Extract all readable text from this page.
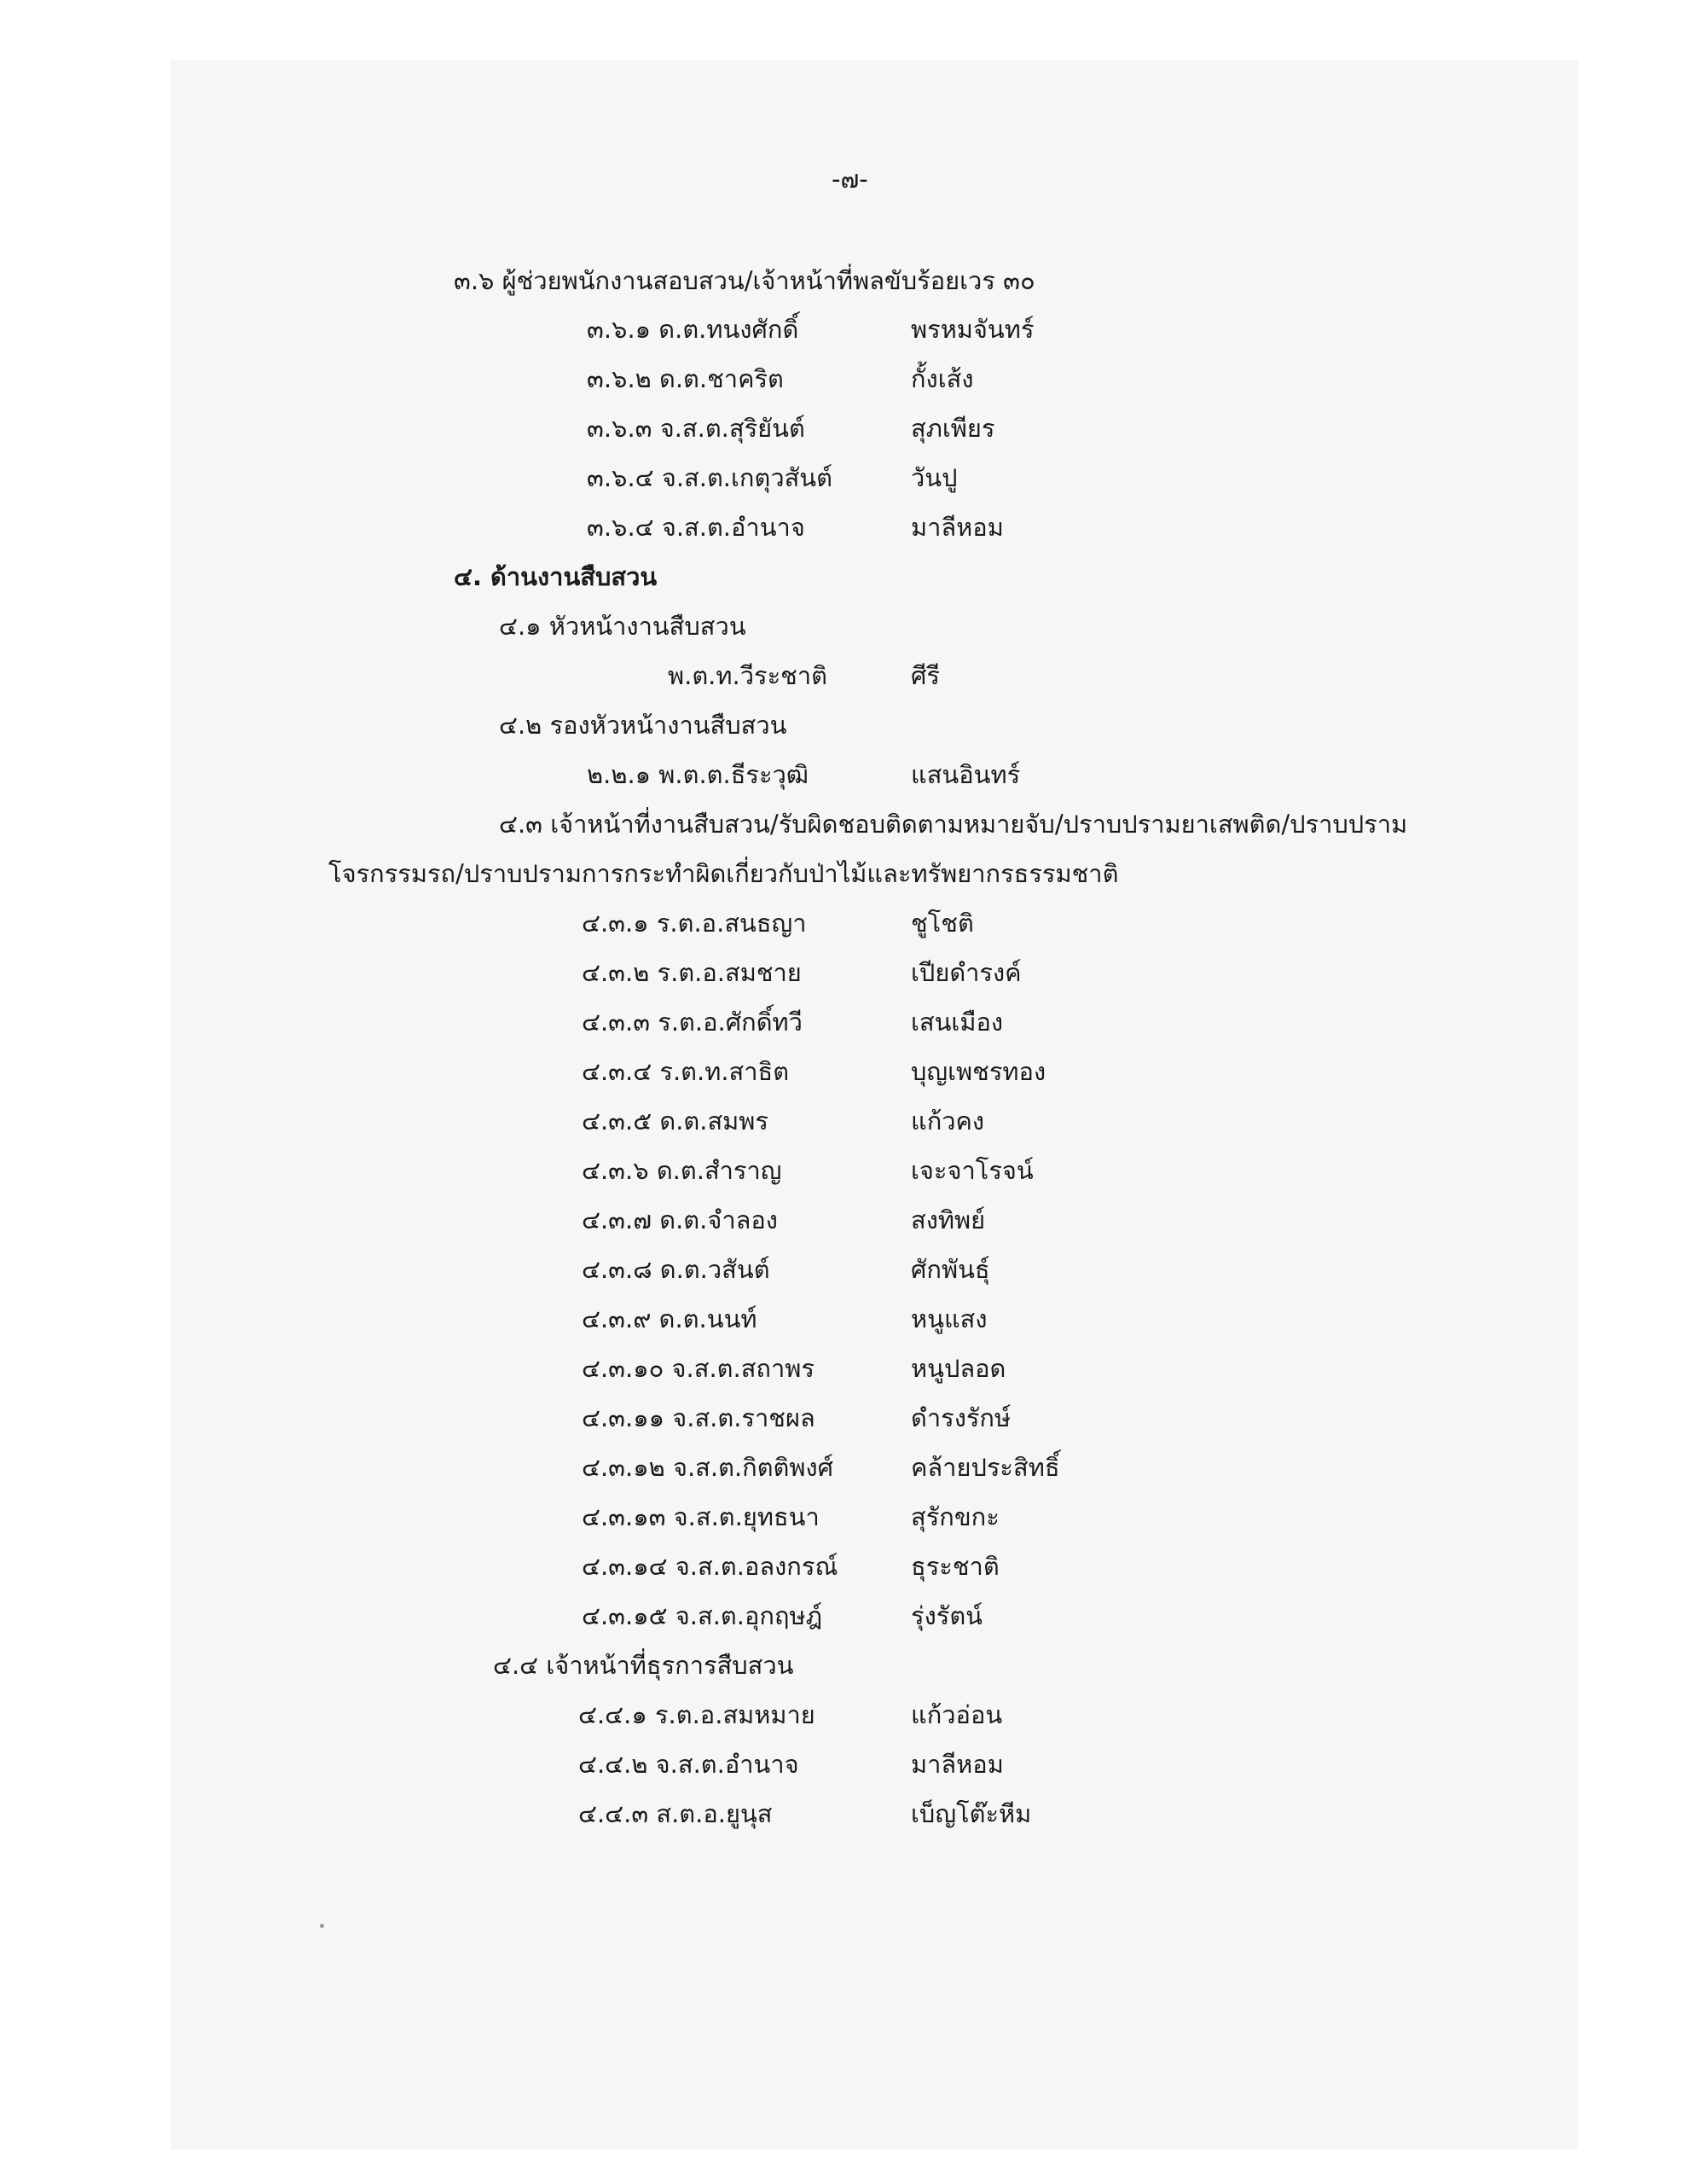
-๗-
๓.๖ ผู้ช่วยพนักงานสอบสวน/เจ้าหน้าที่พลขับร้อยเวร ๓๐
๓.๖.๑ ด.ต.ทนงศักดิ์	พรหมจันทร์
๓.๖.๒ ด.ต.ชาคริต	กั้งเส้ง
๓.๖.๓ จ.ส.ต.สุริยันต์	สุภเพียร
๓.๖.๔ จ.ส.ต.เกตุวสันต์	วันปู
๓.๖.๔ จ.ส.ต.อำนาจ	มาลีหอม
๔. ด้านงานสืบสวน
๔.๑ หัวหน้างานสืบสวน
พ.ต.ท.วีระชาติ	ศีรี
๔.๒ รองหัวหน้างานสืบสวน
๒.๒.๑ พ.ต.ต.ธีระวุฒิ	แสนอินทร์
๔.๓ เจ้าหน้าที่งานสืบสวน/รับผิดชอบติดตามหมายจับ/ปราบปรามยาเสพติด/ปราบปราม
โจรกรรมรถ/ปราบปรามการกระทำผิดเกี่ยวกับป่าไม้และทรัพยากรธรรมชาติ
๔.๓.๑ ร.ต.อ.สนธญา	ชูโชติ
๔.๓.๒ ร.ต.อ.สมชาย	เปียดำรงค์
๔.๓.๓ ร.ต.อ.ศักดิ์ทวี	เสนเมือง
๔.๓.๔ ร.ต.ท.สาธิต	บุญเพชรทอง
๔.๓.๕ ด.ต.สมพร	แก้วคง
๔.๓.๖ ด.ต.สำราญ	เจะจาโรจน์
๔.๓.๗ ด.ต.จำลอง	สงทิพย์
๔.๓.๘ ด.ต.วสันต์	ศักพันธุ์
๔.๓.๙ ด.ต.นนท์	หนูแสง
๔.๓.๑๐ จ.ส.ต.สถาพร	หนูปลอด
๔.๓.๑๑ จ.ส.ต.ราชผล	ดำรงรักษ์
๔.๓.๑๒ จ.ส.ต.กิตติพงศ์	คล้ายประสิทธิ์
๔.๓.๑๓ จ.ส.ต.ยุทธนา	สุรักขกะ
๔.๓.๑๔ จ.ส.ต.อลงกรณ์	ธุระชาติ
๔.๓.๑๕ จ.ส.ต.อุกฤษฎ์	รุ่งรัตน์
๔.๔ เจ้าหน้าที่ธุรการสืบสวน
๔.๔.๑ ร.ต.อ.สมหมาย	แก้วอ่อน
๔.๔.๒ จ.ส.ต.อำนาจ	มาลีหอม
๔.๔.๓ ส.ต.อ.ยูนุส	เบ็ญโต๊ะหีม
